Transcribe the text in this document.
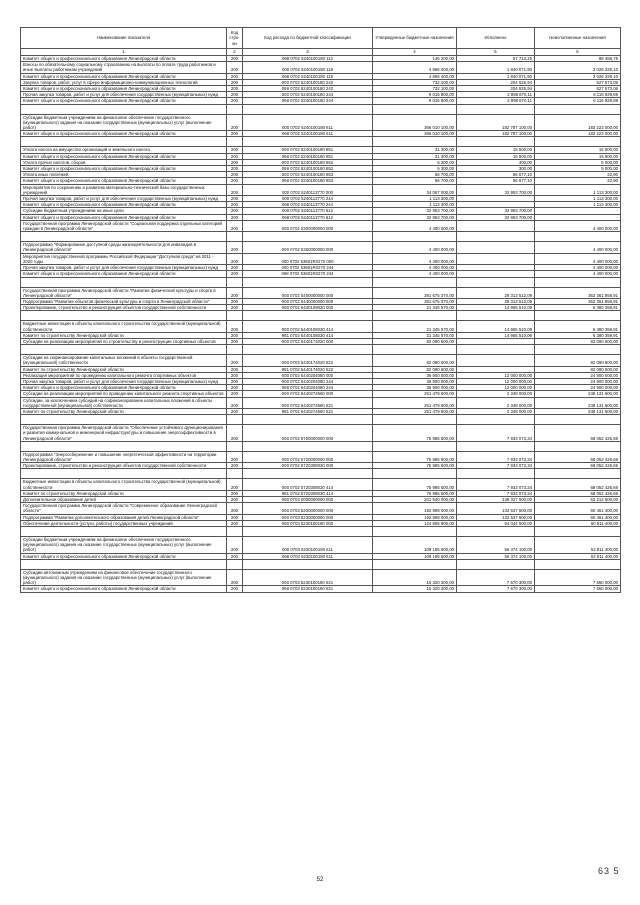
Наименование показателя	Код стро- ки	Код расхода по бюджетной классификации	Утвержденные бюджетные назначения	Исполнено	Неисполненные назначения
1	2	3	4	5	6
Комитет общего и профессионального образования Ленинградской области	200	068 0702 5240100180 112	146 200,00	57 713,25	88 486,75
Взносы по обязательному социальному страхованию на выплаты по оплате труда работников и иные выплаты работникам учреждений	200	000 0702 5240100180 119	4 866 400,00	1 840 071,90	3 026 328,10
Комитет общего и профессионального образования Ленинградской области	200	068 0702 5240100180 119	4 866 400,00	1 840 071,90	3 026 328,10
Закупка товаров, работ, услуг в сфере информационно-коммуникационных технологий	200	000 0702 5240100180 242	732 100,00	204 526,94	527 573,06
Комитет общего и профессионального образования Ленинградской области	200	068 0702 5240100180 242	732 100,00	204 526,94	527 573,06
Прочая закупка товаров, работ и услуг для обеспечения государственных (муниципальных) нужд	200	000 0702 5240100180 244	9 015 800,00	2 898 870,11	6 116 929,89
Комитет общего и профессионального образования Ленинградской области	200	068 0702 5240100180 244	9 015 800,00	2 898 870,11	6 116 929,89

Субсидии бюджетным учреждениям на финансовое обеспечение государственного (муниципального) задания на оказание государственных (муниципальных) услуг (выполнение работ)	200	000 0702 5240100180 611	366 010 100,00	182 787 100,00	183 223 000,00
Комитет общего и профессионального образования Ленинградской области	200	068 0702 5240100180 611	366 010 100,00	182 787 100,00	183 223 000,00

Уплата налога на имущество организаций и земельного налога	200	000 0702 5240100180 851	31 300,00	15 500,00	15 800,00
Комитет общего и профессионального образования Ленинградской области	200	068 0702 5240100180 851	31 300,00	15 500,00	15 800,00
Уплата прочих налогов, сборов	200	000 0702 5240100180 852	5 300,00	300,00	5 000,00
Комитет общего и профессионального образования Ленинградской области	200	068 0702 5240100180 852	5 300,00	300,00	5 000,00
Уплата иных платежей	200	000 0702 5240100180 853	56 700,00	56 677,10	22,90
Комитет общего и профессионального образования Ленинградской области	200	068 0702 5240100180 853	56 700,00	56 677,10	22,90
Мероприятия по сохранению и развитию материально-технической базы государственных учреждений	200	000 0702 5240113770 000	34 067 000,00	32 953 700,00	1 113 300,00
Прочая закупка товаров, работ и услуг для обеспечения государственных (муниципальных) нужд	200	000 0702 5240113770 244	1 113 300,00		1 113 300,00
Комитет общего и профессионального образования Ленинградской области	200	068 0702 5240113770 244	1 113 300,00		1 113 300,00
Субсидии бюджетным учреждениям на иные цели	200	000 0702 5240113770 612	32 953 700,00	32 953 700,00	-
Комитет общего и профессионального образования Ленинградской области	200	068 0702 5240113770 612	32 953 700,00	32 953 700,00	-
Государственная программа Ленинградской области "Социальная поддержка отдельных категорий граждан в Ленинградской области"	200	000 0702 5300000000 000	4 400 000,00		4 400 000,00

Подпрограмма "Формирование доступной среды жизнедеятельности для инвалидов в Ленинградской области"	200	000 0702 5360000000 000	4 400 000,00		4 400 000,00
Мероприятия государственной программы Российской Федерации "Доступная среда" на 2011 - 2020 годы	200	000 0702 53601R0270 000	4 400 000,00		4 400 000,00
Прочая закупка товаров, работ и услуг для обеспечения государственных (муниципальных) нужд	200	000 0702 53601R0270 244	4 400 000,00		4 400 000,00
Комитет общего и профессионального образования Ленинградской области	200	068 0702 53601R0270 244	4 400 000,00		4 400 000,00

Государственная программа Ленинградской области "Развитие физической культуры и спорта в Ленинградской области"	200	000 0702 5400000000 000	391 675 370,00	29 313 512,09	362 361 858,91
Подпрограмма "Развитие объектов физической культуры и спорта в Ленинградской области"	200	000 0702 5440000000 000	391 675 370,00	29 313 512,09	362 361 858,91
Проектирование, строительство и реконструкция объектов государственной собственности	200	000 0702 5440108030 000	21 345 570,00	14 965 510,09	6 380 359,91

Бюджетные инвестиции в объекты капитального строительства государственной (муниципальной) собственности	200	000 0702 5440108030 414	21 345 570,00	14 965 510,09	6 380 359,91
Комитет по строительству Ленинградской области	200	981 0702 5440108030 414	21 345 570,00	14 965 510,09	6 380 359,91
Субсидии на реализацию мероприятий по строительству и реконструкции спортивных объектов	200	000 0702 5440174020 000	82 090 600,00		82 090 600,00

Субсидии на софинансирование капитальных вложений в объекты государственной (муниципальной) собственности	200	000 0702 5440174020 522	82 090 600,00		82 090 600,00
Комитет по строительству Ленинградской области	200	981 0702 5440174020 522	82 090 600,00		82 090 600,00
Реализация мероприятий по проведению капитального ремонта спортивных объектов	200	000 0702 5440204080 000	36 900 000,00	12 000 000,00	24 900 000,00
Прочая закупка товаров, работ и услуг для обеспечения государственных (муниципальных) нужд	200	000 0702 5440204080 244	36 900 000,00	12 000 000,00	24 900 000,00
Комитет общего и профессионального образования Ленинградской области	200	068 0702 5440204080 244	36 900 000,00	12 000 000,00	24 900 000,00
Субсидии на реализацию мероприятий по проведению капитального ремонта спортивных объектов	200	000 0702 5440274560 000	251 479 600,00	2 348 000,00	249 131 600,00
Субсидии, за исключением субсидий на софинансирование капитальных вложений в объекты государственной (муниципальной) собственности	200	000 0702 5440274560 521	251 479 600,00	2 348 000,00	249 131 600,00
Комитет по строительству Ленинградской области	200	981 0702 5440274560 521	251 479 600,00	2 348 000,00	249 131 600,00

Государственная программа Ленинградской области "Обеспечение устойчивого функционирования и развития коммунальной и инженерной инфраструктуры и повышение энергоэффективности в Ленинградской области"	200	000 0702 5700000000 000	75 985 500,00	7 933 073,34	68 052 426,66

Подпрограмма "Энергосбережение и повышение энергетической эффективности на территории Ленинградской области"	200	000 0702 5720000000 000	75 985 500,00	7 933 073,34	68 052 426,66
Проектирование, строительство и реконструкция объектов государственной собственности	200	000 0702 5720308030 000	75 985 500,00	7 933 073,34	68 052 426,66

Бюджетные инвестиции в объекты капитального строительства государственной (муниципальной) собственности	200	000 0702 5720308030 414	75 985 500,00	7 933 073,34	68 052 426,66
Комитет по строительству Ленинградской области	200	981 0702 5720308030 414	75 985 500,00	7 933 073,34	68 052 426,66
Дополнительное образование детей	200	000 0703 0000000000 000	201 540 000,00	138 327 500,00	63 212 500,00
Государственная программа Ленинградской области "Современное образование Ленинградской области"	200	000 0703 5200000000 000	192 999 000,00	132 537 600,00	60 461 400,00
Подпрограмма "Развитие дополнительного образования детей Ленинградской области"	200	000 0703 5230000000 000	192 999 000,00	132 537 600,00	60 461 400,00
Обеспечение деятельности (услуги, работы) государственных учреждений	200	000 0703 5230100180 000	124 855 900,00	64 044 500,00	60 811 400,00

Субсидии бюджетным учреждениям на финансовое обеспечение государственного (муниципального) задания на оказание государственных (муниципальных) услуг (выполнение работ)	200	000 0703 5230100180 611	109 185 600,00	56 374 100,00	52 811 400,00
Комитет общего и профессионального образования Ленинградской области	200	068 0703 5230100180 611	109 185 600,00	56 374 100,00	52 811 400,00

Субсидии автономным учреждениям на финансовое обеспечение государственного (муниципального) задания на оказание государственных (муниципальных) услуг (выполнение работ)	200	000 0703 5230100180 621	15 320 300,00	7 670 300,00	7 650 000,00
Комитет общего и профессионального образования Ленинградской области	200	068 0703 5230100180 621	15 320 300,00	7 670 300,00	7 650 000,00
52
63 5
